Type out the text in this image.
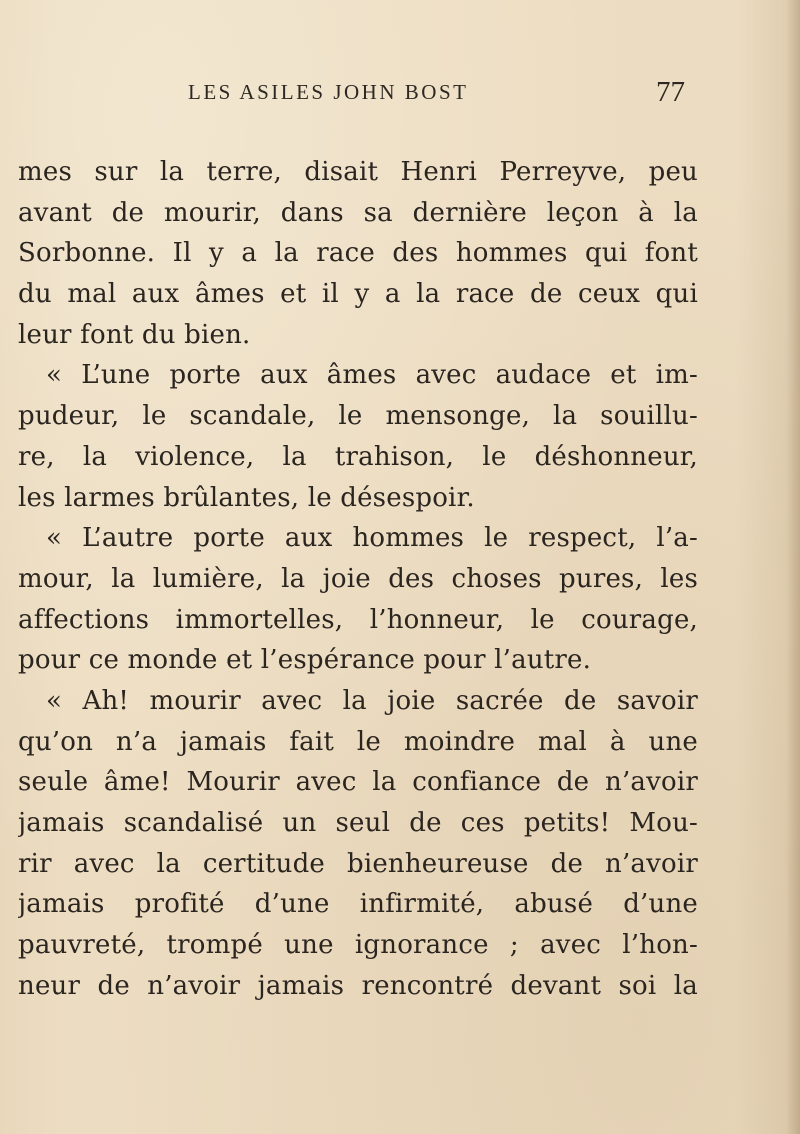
LES ASILES JOHN BOST	77
mes sur la terre, disait Henri Perreyve, peu
avant de mourir, dans sa dernière leçon à la
Sorbonne. Il y a la race des hommes qui font
du mal aux âmes et il y a la race de ceux qui
leur font du bien.
« L’une porte aux âmes avec audace et im-
pudeur, le scandale, le mensonge, la souillu-
re, la violence, la trahison, le déshonneur,
les larmes brûlantes, le désespoir.
« L’autre porte aux hommes le respect, l’a-
mour, la lumière, la joie des choses pures, les
affections immortelles, l’honneur, le courage,
pour ce monde et l’espérance pour l’autre.
« Ah! mourir avec la joie sacrée de savoir
qu’on n’a jamais fait le moindre mal à une
seule âme! Mourir avec la confiance de n’avoir
jamais scandalisé un seul de ces petits! Mou-
rir avec la certitude bienheureuse de n’avoir
jamais profité d’une infirmité, abusé d’une
pauvreté, trompé une ignorance ; avec l’hon-
neur de n’avoir jamais rencontré devant soi la
